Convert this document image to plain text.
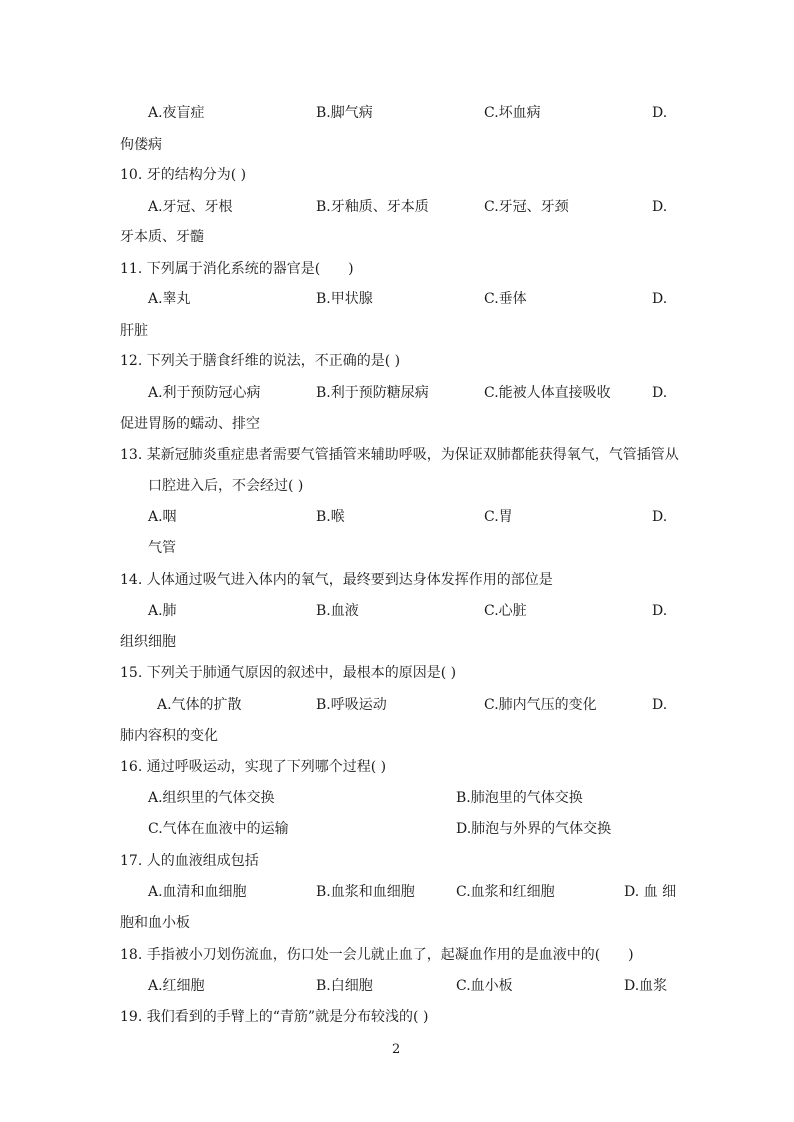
A.夜盲症	B.脚气病	C.坏血病	D.
佝偻病
10. 牙的结构分为( )
A.牙冠、牙根	B.牙釉质、牙本质	C.牙冠、牙颈	D.
牙本质、牙髓
11. 下列属于消化系统的器官是(　　)
A.睾丸	B.甲状腺	C.垂体	D.
肝脏
12. 下列关于膳食纤维的说法，不正确的是( )
A.利于预防冠心病	B.利于预防糖尿病	C.能被人体直接吸收	D.
促进胃肠的蠕动、排空
13. 某新冠肺炎重症患者需要气管插管来辅助呼吸，为保证双肺都能获得氧气，气管插管从
口腔进入后，不会经过( )
A.咽	B.喉	C.胃	D.
气管
14. 人体通过吸气进入体内的氧气，最终要到达身体发挥作用的部位是
A.肺	B.血液	C.心脏	D.
组织细胞
15. 下列关于肺通气原因的叙述中，最根本的原因是( )
A.气体的扩散	B.呼吸运动	C.肺内气压的变化	D.
肺内容积的变化
16. 通过呼吸运动，实现了下列哪个过程( )
A.组织里的气体交换	B.肺泡里的气体交换
C.气体在血液中的运输	D.肺泡与外界的气体交换
17. 人的血液组成包括
A.血清和血细胞	B.血浆和血细胞	C.血浆和红细胞	D. 血 细
胞和血小板
18. 手指被小刀划伤流血，伤口处一会儿就止血了，起凝血作用的是血液中的(　　)
A.红细胞	B.白细胞	C.血小板	D.血浆
19. 我们看到的手臂上的“青筋”就是分布较浅的( )
2
